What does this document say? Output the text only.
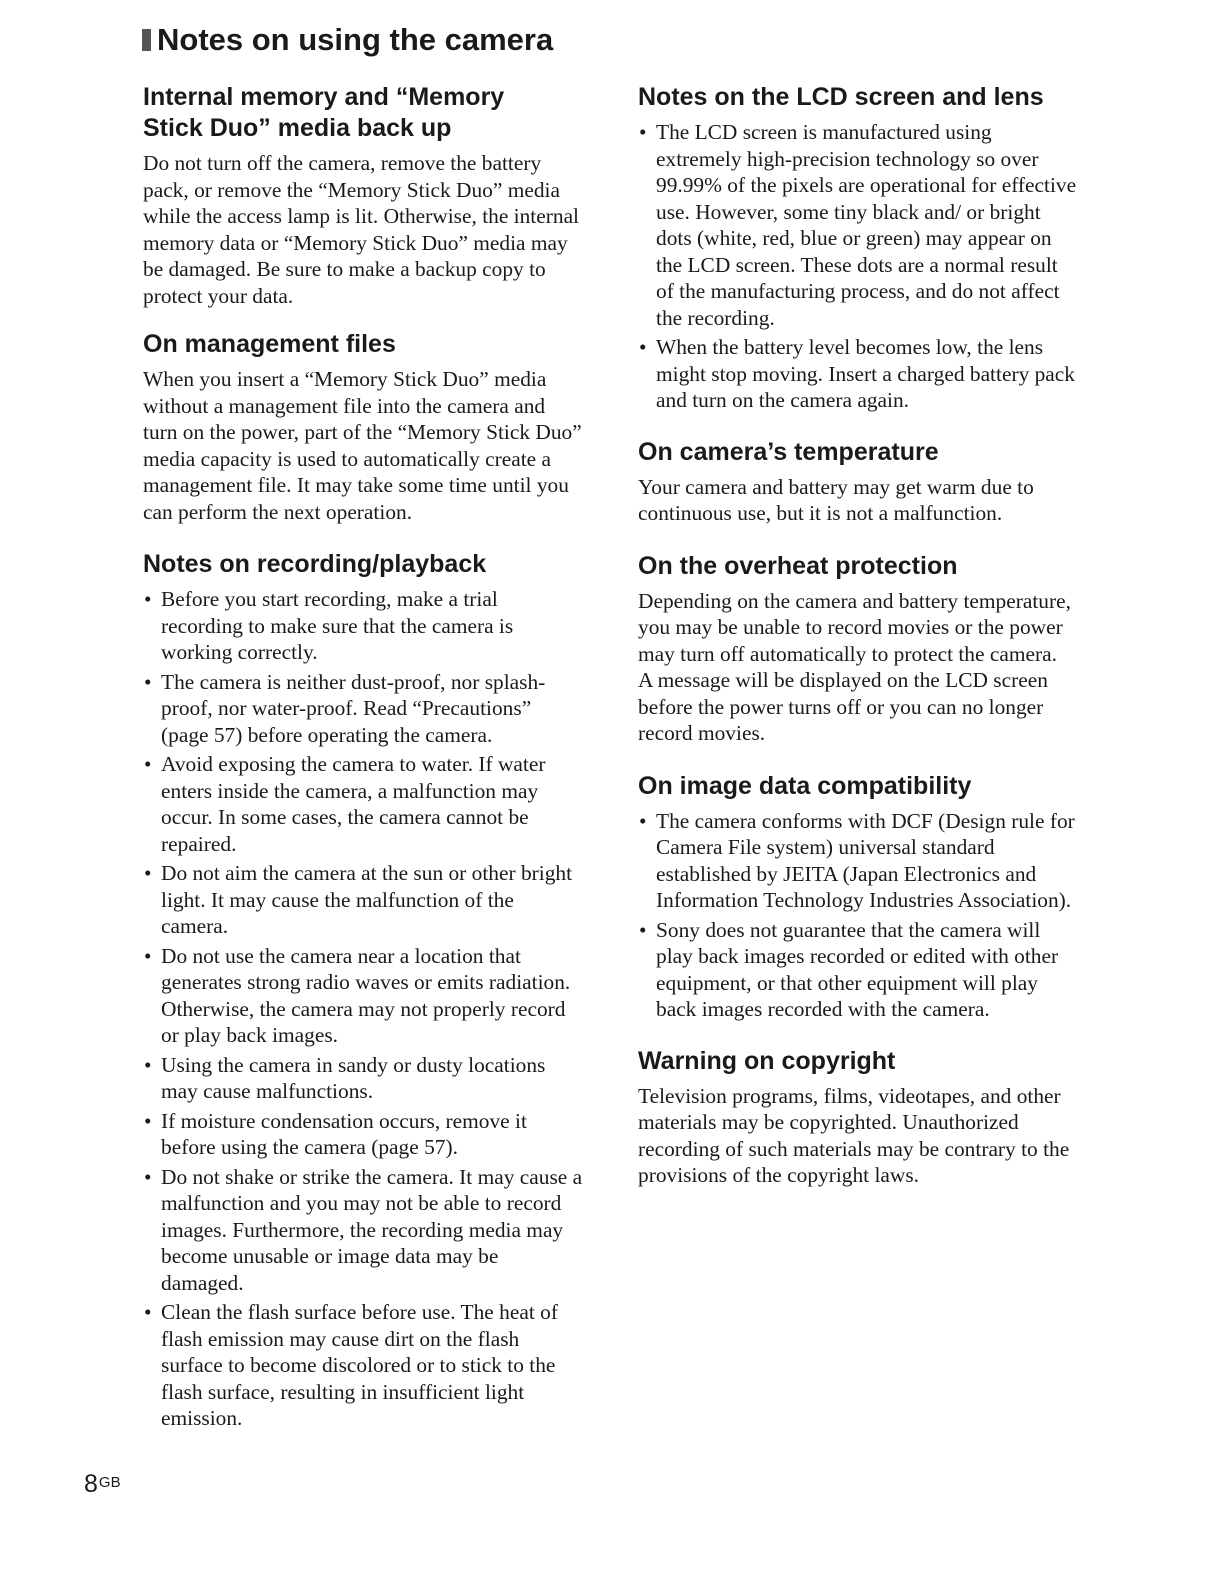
Notes on using the camera
Internal memory and “Memory
Stick Duo” media back up

Do not turn off the camera, remove the battery pack, or remove the “Memory Stick Duo” media while the access lamp is lit. Otherwise, the internal memory data or “Memory Stick Duo” media may be damaged. Be sure to make a backup copy to protect your data.

On management files

When you insert a “Memory Stick Duo” media without a management file into the camera and turn on the power, part of the “Memory Stick Duo” media capacity is used to automatically create a management file. It may take some time until you can perform the next operation.

Notes on recording/playback
• Before you start recording, make a trial recording to make sure that the camera is working correctly.
• The camera is neither dust-proof, nor splash-proof, nor water-proof. Read “Precautions” (page 57) before operating the camera.
• Avoid exposing the camera to water. If water enters inside the camera, a malfunction may occur. In some cases, the camera cannot be repaired.
• Do not aim the camera at the sun or other bright light. It may cause the malfunction of the camera.
• Do not use the camera near a location that generates strong radio waves or emits radiation. Otherwise, the camera may not properly record or play back images.
• Using the camera in sandy or dusty locations may cause malfunctions.
• If moisture condensation occurs, remove it before using the camera (page 57).
• Do not shake or strike the camera. It may cause a malfunction and you may not be able to record images. Furthermore, the recording media may become unusable or image data may be damaged.
• Clean the flash surface before use. The heat of flash emission may cause dirt on the flash surface to become discolored or to stick to the flash surface, resulting in insufficient light emission.
Notes on the LCD screen and lens
• The LCD screen is manufactured using extremely high-precision technology so over 99.99% of the pixels are operational for effective use. However, some tiny black and/ or bright dots (white, red, blue or green) may appear on the LCD screen. These dots are a normal result of the manufacturing process, and do not affect the recording.
• When the battery level becomes low, the lens might stop moving. Insert a charged battery pack and turn on the camera again.
On camera’s temperature

Your camera and battery may get warm due to continuous use, but it is not a malfunction.

On the overheat protection

Depending on the camera and battery temperature, you may be unable to record movies or the power may turn off automatically to protect the camera.

A message will be displayed on the LCD screen before the power turns off or you can no longer record movies.

On image data compatibility
• The camera conforms with DCF (Design rule for Camera File system) universal standard established by JEITA (Japan Electronics and Information Technology Industries Association).
• Sony does not guarantee that the camera will play back images recorded or edited with other equipment, or that other equipment will play back images recorded with the camera.
Warning on copyright

Television programs, films, videotapes, and other materials may be copyrighted. Unauthorized recording of such materials may be contrary to the provisions of the copyright laws.

8 GB
